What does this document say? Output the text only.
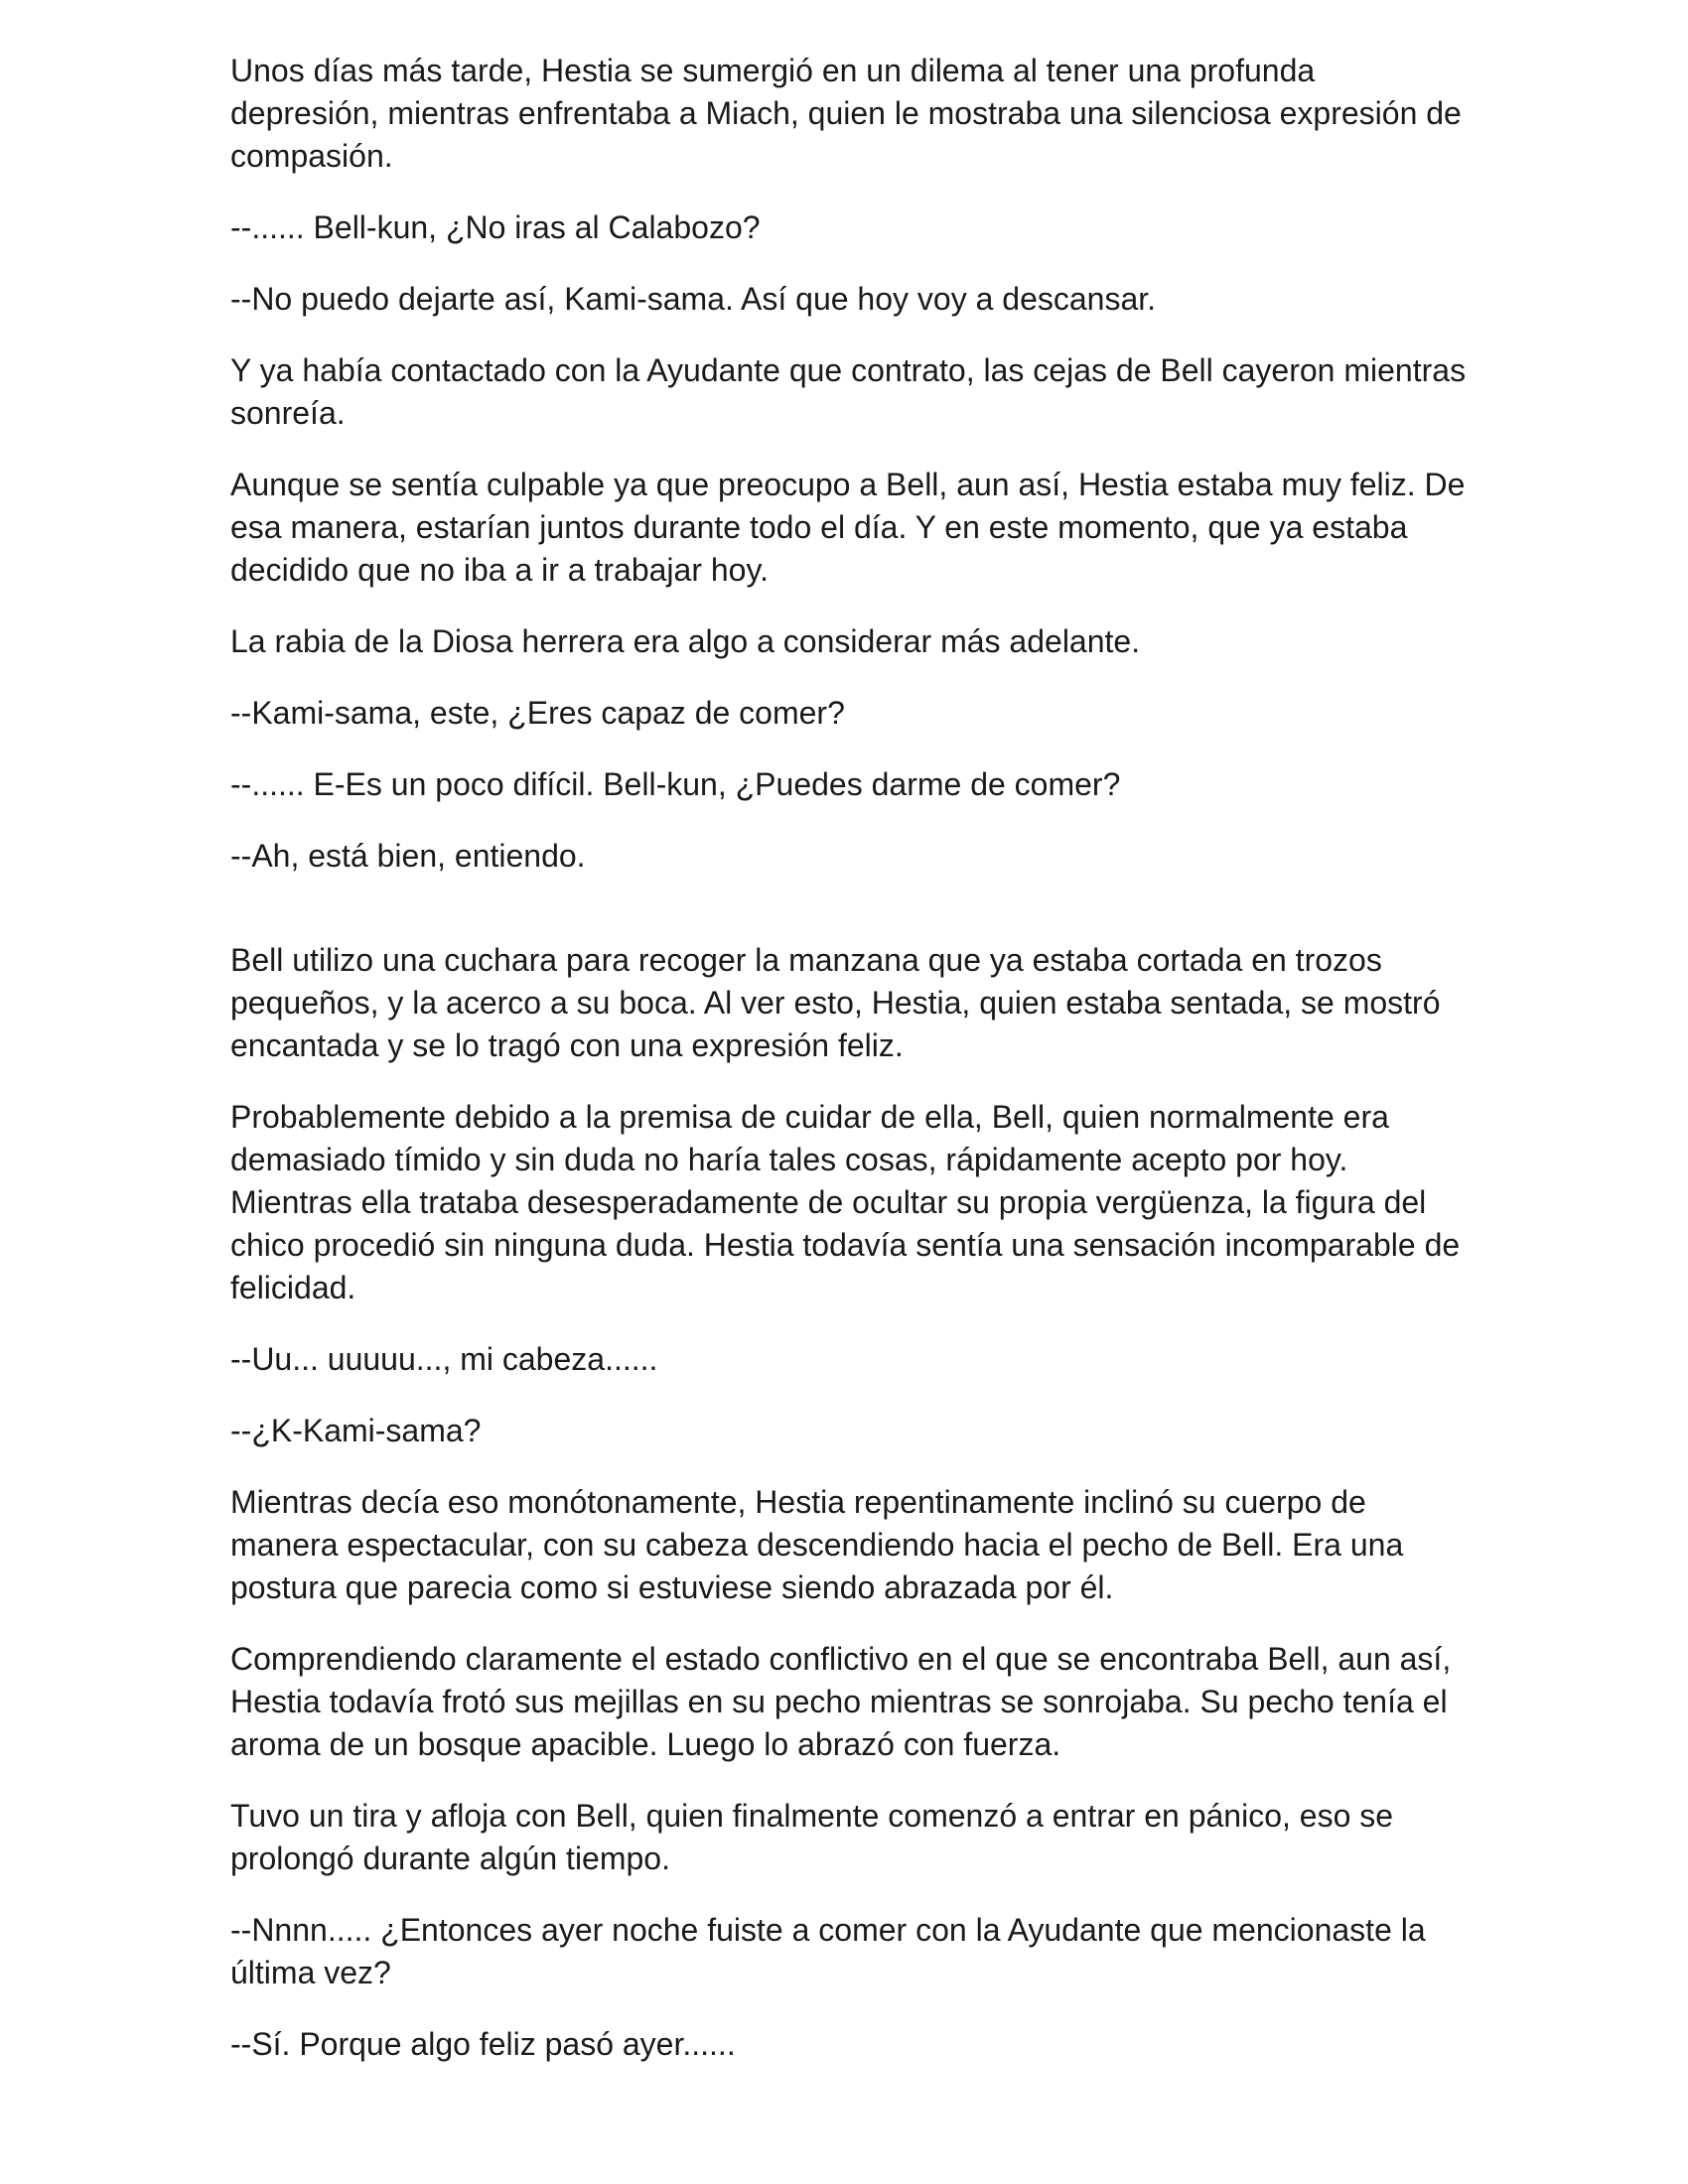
Unos días más tarde, Hestia se sumergió en un dilema al tener una profunda depresión, mientras enfrentaba a Miach, quien le mostraba una silenciosa expresión de compasión.

--...... Bell-kun, ¿No iras al Calabozo?

--No puedo dejarte así, Kami-sama. Así que hoy voy a descansar.

Y ya había contactado con la Ayudante que contrato, las cejas de Bell cayeron mientras sonreía.

Aunque se sentía culpable ya que preocupo a Bell, aun así, Hestia estaba muy feliz. De esa manera, estarían juntos durante todo el día. Y en este momento, que ya estaba decidido que no iba a ir a trabajar hoy.

La rabia de la Diosa herrera era algo a considerar más adelante.

--Kami-sama, este, ¿Eres capaz de comer?

--...... E-Es un poco difícil. Bell-kun, ¿Puedes darme de comer?

--Ah, está bien, entiendo.

Bell utilizo una cuchara para recoger la manzana que ya estaba cortada en trozos pequeños, y la acerco a su boca. Al ver esto, Hestia, quien estaba sentada, se mostró encantada y se lo tragó con una expresión feliz.

Probablemente debido a la premisa de cuidar de ella, Bell, quien normalmente era demasiado tímido y sin duda no haría tales cosas, rápidamente acepto por hoy. Mientras ella trataba desesperadamente de ocultar su propia vergüenza, la figura del chico procedió sin ninguna duda. Hestia todavía sentía una sensación incomparable de felicidad.

--Uu... uuuuu..., mi cabeza......

--¿K-Kami-sama?

Mientras decía eso monótonamente, Hestia repentinamente inclinó su cuerpo de manera espectacular, con su cabeza descendiendo hacia el pecho de Bell. Era una postura que parecia como si estuviese siendo abrazada por él.

Comprendiendo claramente el estado conflictivo en el que se encontraba Bell, aun así, Hestia todavía frotó sus mejillas en su pecho mientras se sonrojaba. Su pecho tenía el aroma de un bosque apacible. Luego lo abrazó con fuerza.

Tuvo un tira y afloja con Bell, quien finalmente comenzó a entrar en pánico, eso se prolongó durante algún tiempo.

--Nnnn..... ¿Entonces ayer noche fuiste a comer con la Ayudante que mencionaste la última vez?

--Sí. Porque algo feliz pasó ayer......
